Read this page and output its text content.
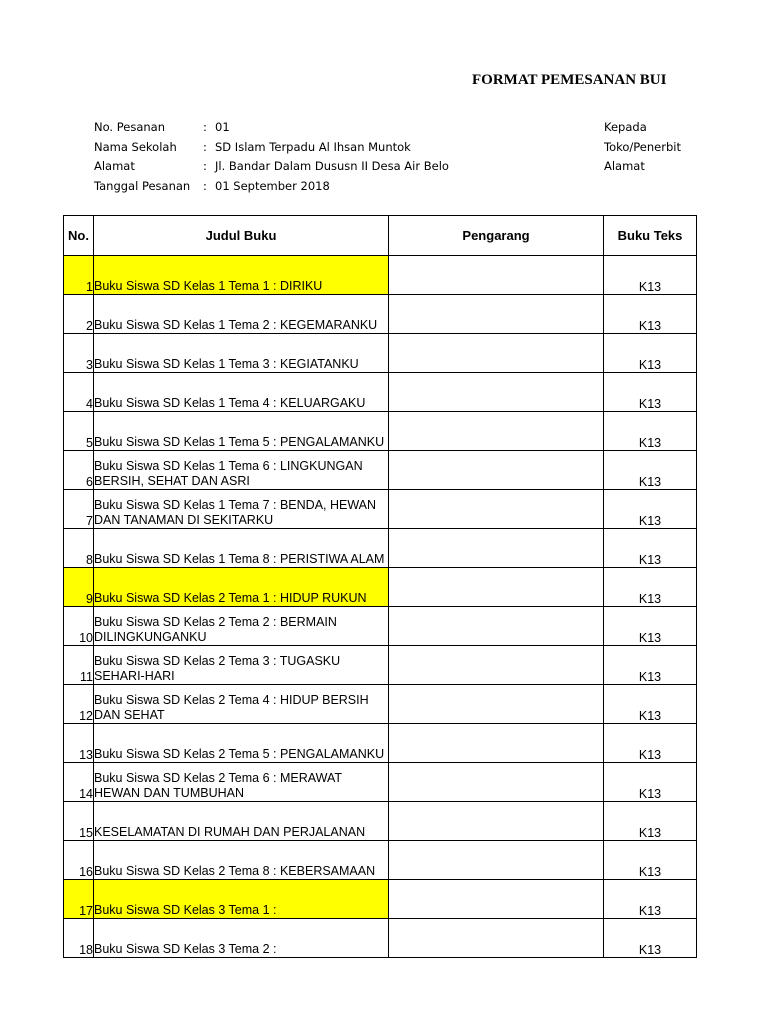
FORMAT PEMESANAN BUI
No. Pesanan	: 01
Nama Sekolah	: SD Islam Terpadu Al Ihsan Muntok
Alamat	: Jl. Bandar Dalam Dususn II Desa Air Belo
Tanggal Pesanan	: 01 September 2018
Kepada
Toko/Penerbit
Alamat
No.	Judul Buku	Pengarang	Buku Teks
1	Buku Siswa SD Kelas 1 Tema 1 : DIRIKU		K13
2	Buku Siswa SD Kelas 1 Tema 2 : KEGEMARANKU		K13
3	Buku Siswa SD Kelas 1 Tema 3 : KEGIATANKU		K13
4	Buku Siswa SD Kelas 1 Tema 4 : KELUARGAKU		K13
5	Buku Siswa SD Kelas 1 Tema 5 : PENGALAMANKU		K13
6	Buku Siswa SD Kelas 1 Tema 6 : LINGKUNGAN BERSIH, SEHAT DAN ASRI		K13
7	Buku Siswa SD Kelas 1 Tema 7 : BENDA, HEWAN DAN TANAMAN DI SEKITARKU		K13
8	Buku Siswa SD Kelas 1 Tema 8 : PERISTIWA ALAM		K13
9	Buku Siswa SD Kelas 2 Tema 1 : HIDUP RUKUN		K13
10	Buku Siswa SD Kelas 2 Tema 2 : BERMAIN DILINGKUNGANKU		K13
11	Buku Siswa SD Kelas 2 Tema 3 : TUGASKU SEHARI-HARI		K13
12	Buku Siswa SD Kelas 2 Tema 4 : HIDUP BERSIH DAN SEHAT		K13
13	Buku Siswa SD Kelas 2 Tema 5 : PENGALAMANKU		K13
14	Buku Siswa SD Kelas 2 Tema 6 : MERAWAT HEWAN DAN TUMBUHAN		K13
15	KESELAMATAN DI RUMAH DAN PERJALANAN		K13
16	Buku Siswa SD Kelas 2 Tema 8 : KEBERSAMAAN		K13
17	Buku Siswa SD Kelas 3 Tema 1 :		K13
18	Buku Siswa SD Kelas 3 Tema 2 :		K13
